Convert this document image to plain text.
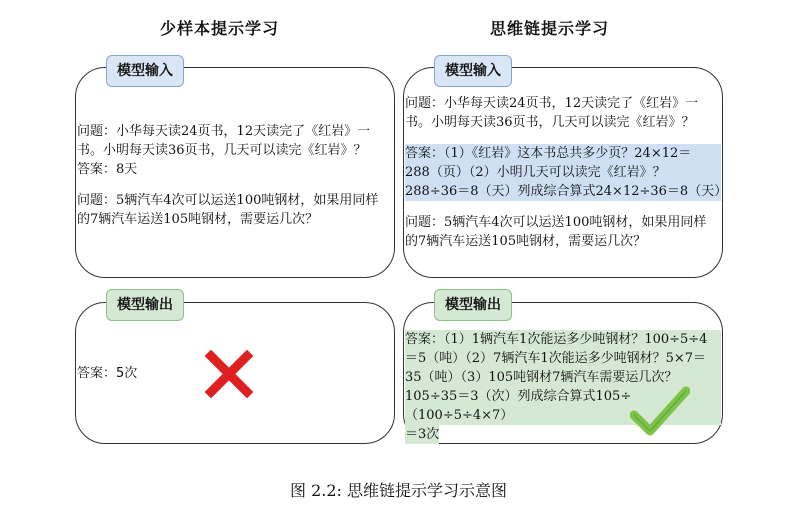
少样本提示学习	思维链提示学习
模型输入
问题：小华每天读24页书，12天读完了《红岩》一
书。小明每天读36页书，几天可以读完《红岩》？
答案：8天
问题：5辆汽车4次可以运送100吨钢材，如果用同样
的7辆汽车运送105吨钢材，需要运几次？
模型输出
答案：5次
模型输入
问题：小华每天读24页书，12天读完了《红岩》一
书。小明每天读36页书，几天可以读完《红岩》？
答案：（1）《红岩》这本书总共多少页？24×12＝
288（页）（2）小明几天可以读完《红岩》？
288÷36＝8（天）列成综合算式24×12÷36＝8（天）
问题：5辆汽车4次可以运送100吨钢材，如果用同样
的7辆汽车运送105吨钢材，需要运几次？
模型输出
答案：（1）1辆汽车1次能运多少吨钢材？100÷5÷4
＝5（吨）（2）7辆汽车1次能运多少吨钢材？5×7＝
35（吨）（3）105吨钢材7辆汽车需要运几次？
105÷35＝3（次）列成综合算式105÷（100÷5÷4×7）
＝3次
图 2.2: 思维链提示学习示意图
